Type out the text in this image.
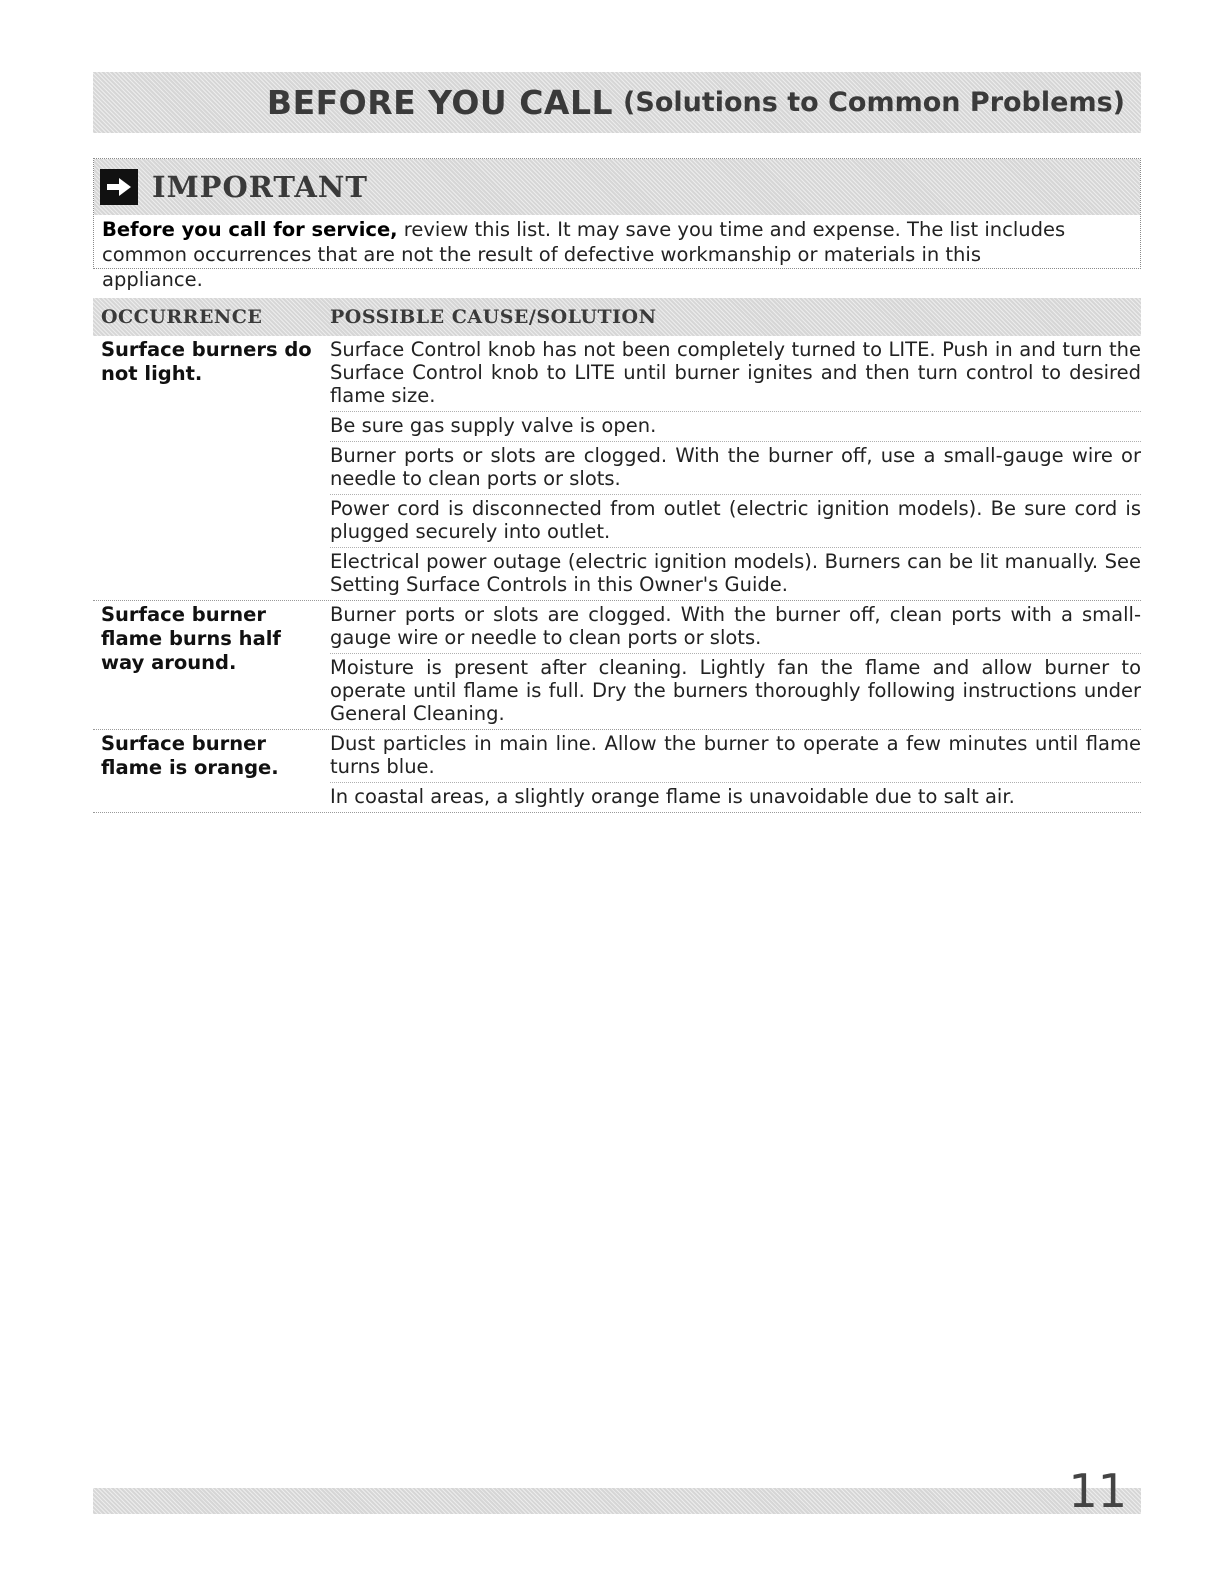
BEFORE YOU CALL (Solutions to Common Problems)
IMPORTANT
Before you call for service, review this list. It may save you time and expense. The list includes common occurrences that are not the result of defective workmanship or materials in this appliance.
OCCURRENCE	POSSIBLE CAUSE/SOLUTION
Surface burners do not light.
Surface Control knob has not been completely turned to LITE. Push in and turn the Surface Control knob to LITE until burner ignites and then turn control to desired flame size.
Be sure gas supply valve is open.
Burner ports or slots are clogged. With the burner off, use a small-gauge wire or needle to clean ports or slots.
Power cord is disconnected from outlet (electric ignition models). Be sure cord is plugged securely into outlet.
Electrical power outage (electric ignition models). Burners can be lit manually. See Setting Surface Controls in this Owner's Guide.
Surface burner flame burns half way around.
Burner ports or slots are clogged. With the burner off, clean ports with a small-gauge wire or needle to clean ports or slots.
Moisture is present after cleaning. Lightly fan the flame and allow burner to operate until flame is full. Dry the burners thoroughly following instructions under General Cleaning.
Surface burner flame is orange.
Dust particles in main line. Allow the burner to operate a few minutes until flame turns blue.
In coastal areas, a slightly orange flame is unavoidable due to salt air.
11
